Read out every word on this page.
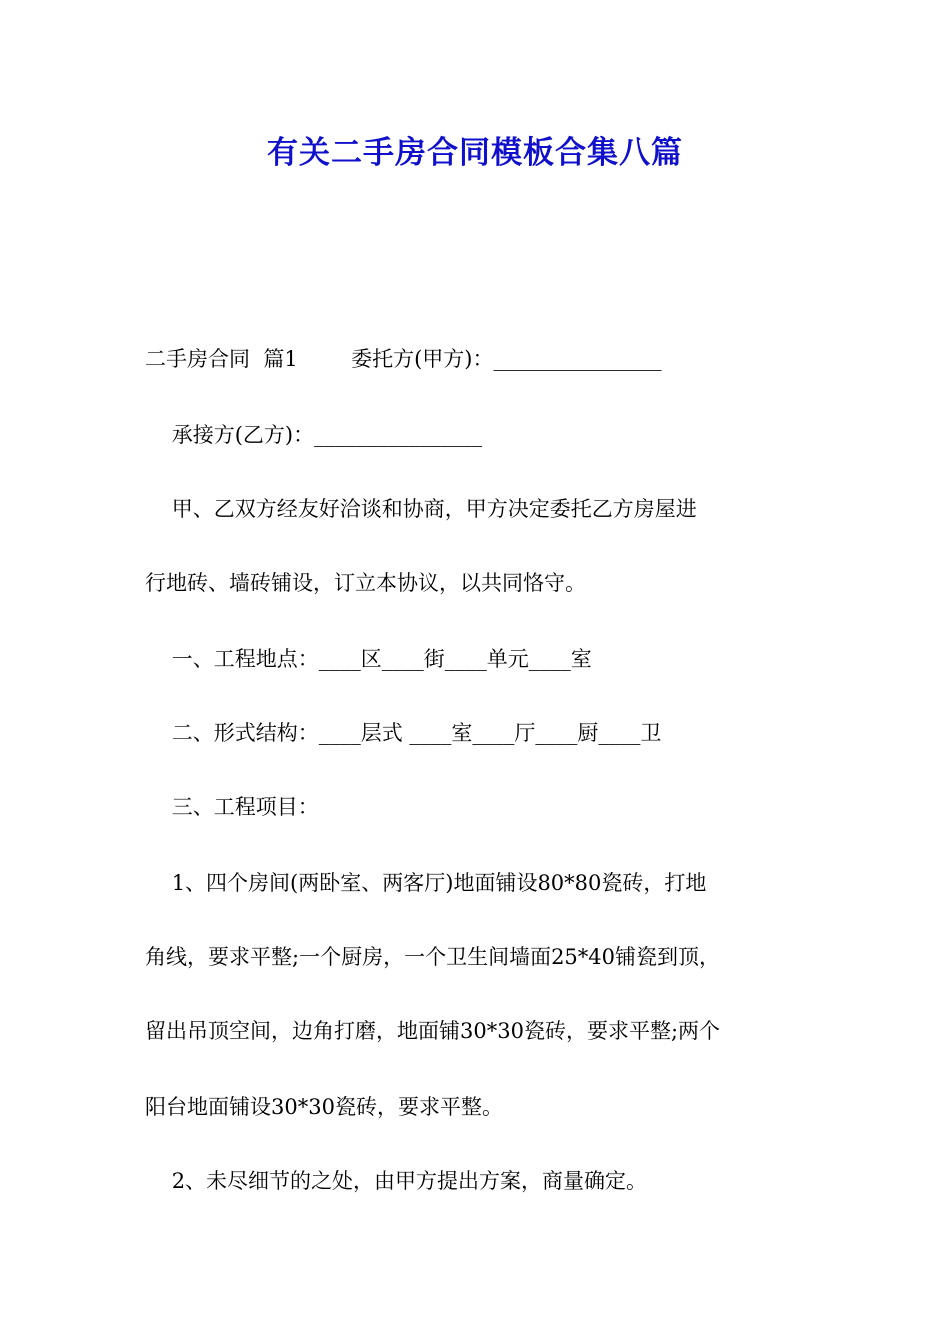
有关二手房合同模板合集八篇

二手房合同  篇1        委托方(甲方)：________________

承接方(乙方)：________________

甲、乙双方经友好洽谈和协商，甲方决定委托乙方房屋进

行地砖、墙砖铺设，订立本协议，以共同恪守。

一、工程地点：____区____街____单元____室

二、形式结构：____层式 ____室____厅____厨____卫

三、工程项目：

1、四个房间(两卧室、两客厅)地面铺设80*80瓷砖，打地

角线，要求平整;一个厨房，一个卫生间墙面25*40铺瓷到顶，

留出吊顶空间，边角打磨，地面铺30*30瓷砖，要求平整;两个

阳台地面铺设30*30瓷砖，要求平整。

2、未尽细节的之处，由甲方提出方案，商量确定。
